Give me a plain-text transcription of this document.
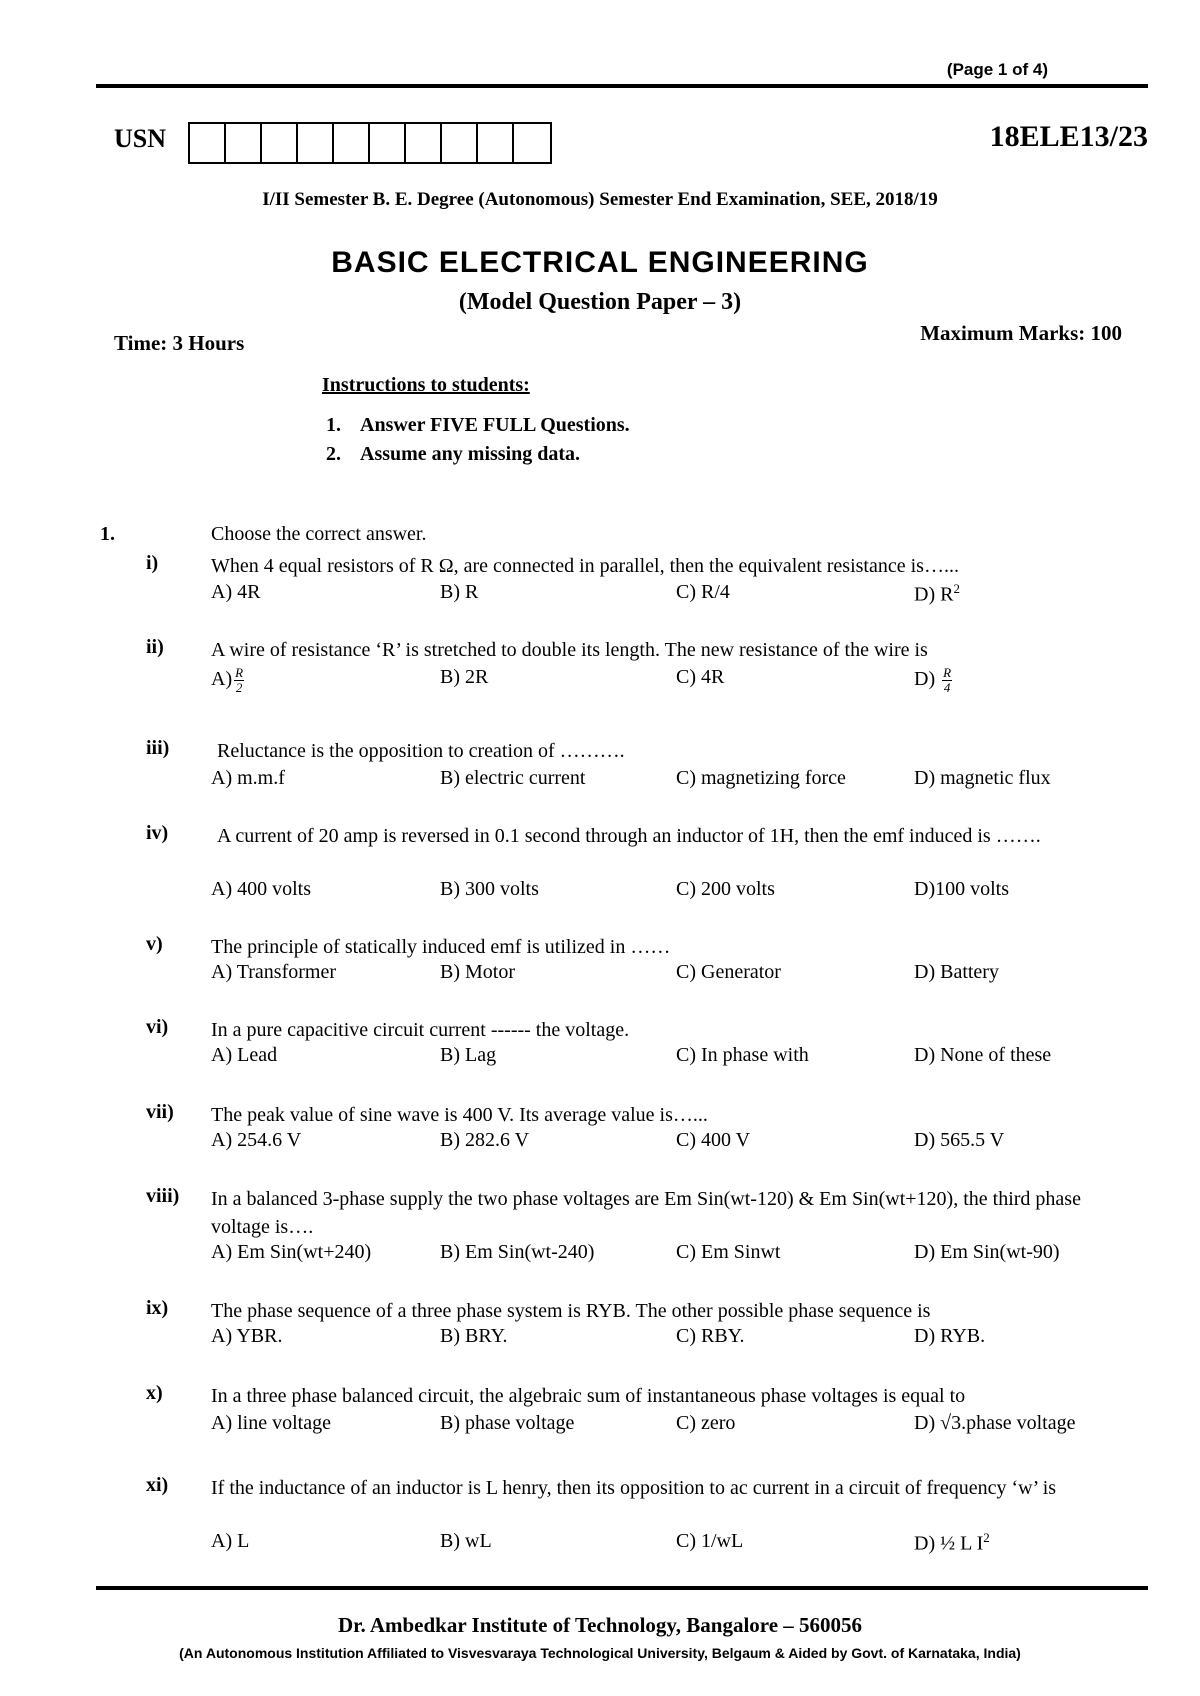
(Page 1 of 4)
USN	18ELE13/23
I/II Semester B. E. Degree (Autonomous) Semester End Examination, SEE, 2018/19
BASIC ELECTRICAL ENGINEERING
(Model Question Paper – 3)
Time: 3 Hours	Maximum Marks: 100
Instructions to students:
1. Answer FIVE FULL Questions.
2. Assume any missing data.
1.	Choose the correct answer.
i)	When 4 equal resistors of R Ω, are connected in parallel, then the equivalent resistance is…...
A) 4R	B) R	C) R/4	D) $R^2$
ii) A wire of resistance ‘R’ is stretched to double its length. The new resistance of the wire is
$A) \frac{R}{2}$	B) 2R	C) 4R	$D) \frac{R}{4}$
iii) Reluctance is the opposition to creation of ……….
A) m.m.f	B) electric current	C) magnetizing force	D) magnetic flux
iv) A current of 20 amp is reversed in 0.1 second through an inductor of 1H, then the emf induced is …….
A) 400 volts	B) 300 volts	C) 200 volts	D)100 volts
v) The principle of statically induced emf is utilized in ……
A) Transformer	B) Motor	C) Generator	D) Battery
vi) In a pure capacitive circuit current ------ the voltage.
A) Lead	B) Lag	C) In phase with	D) None of these
vii) The peak value of sine wave is 400 V. Its average value is…...
A) 254.6 V	B) 282.6 V	C) 400 V	D) 565.5 V
viii) In a balanced 3-phase supply the two phase voltages are Em Sin(wt-120) & Em Sin(wt+120), the third phase voltage is….
A) Em Sin(wt+240)	B) Em Sin(wt-240)	C) Em Sinwt	D) Em Sin(wt-90)
ix) The phase sequence of a three phase system is RYB. The other possible phase sequence is
A) YBR.	B) BRY.	C) RBY.	D) RYB.
x) In a three phase balanced circuit, the algebraic sum of instantaneous phase voltages is equal to
A) line voltage	B) phase voltage	C) zero	D) √3.phase voltage
xi) If the inductance of an inductor is L henry, then its opposition to ac current in a circuit of frequency ‘w’ is
A) L	B) wL	C) 1/wL	D) ½ L $I^2$
Dr. Ambedkar Institute of Technology, Bangalore – 560056
(An Autonomous Institution Affiliated to Visvesvaraya Technological University, Belgaum & Aided by Govt. of Karnataka, India)
